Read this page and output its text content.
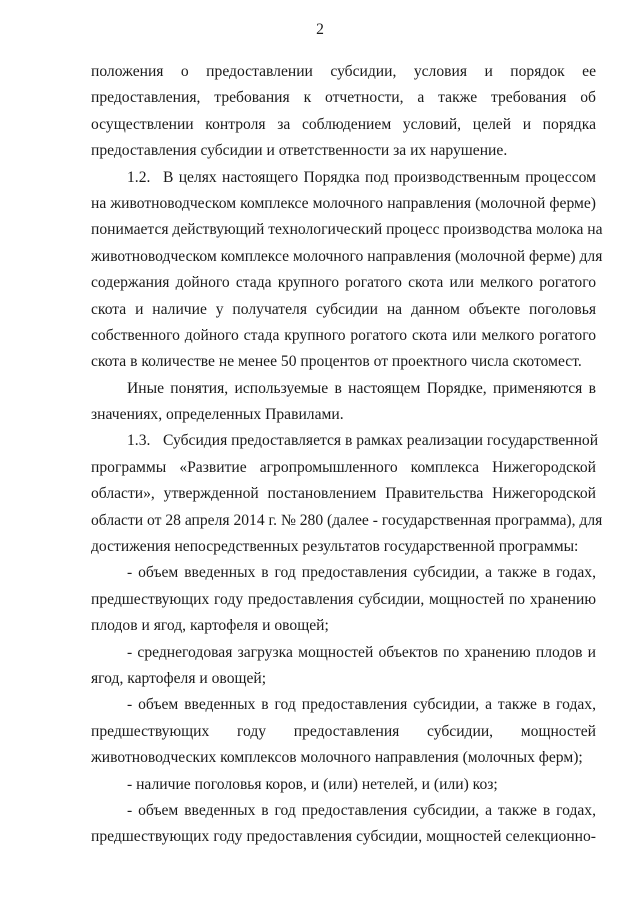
2
положения о предоставлении субсидии, условия и порядок ее
предоставления, требования к отчетности, а также требования об
осуществлении контроля за соблюдением условий, целей и порядка
предоставления субсидии и ответственности за их нарушение.
1.2. В целях настоящего Порядка под производственным процессом
на животноводческом комплексе молочного направления (молочной ферме)
понимается действующий технологический процесс производства молока на
животноводческом комплексе молочного направления (молочной ферме) для
содержания дойного стада крупного рогатого скота или мелкого рогатого
скота и наличие у получателя субсидии на данном объекте поголовья
собственного дойного стада крупного рогатого скота или мелкого рогатого
скота в количестве не менее 50 процентов от проектного числа скотомест.
Иные понятия, используемые в настоящем Порядке, применяются в
значениях, определенных Правилами.
1.3. Субсидия предоставляется в рамках реализации государственной
программы «Развитие агропромышленного комплекса Нижегородской
области», утвержденной постановлением Правительства Нижегородской
области от 28 апреля 2014 г. № 280 (далее - государственная программа), для
достижения непосредственных результатов государственной программы:
- объем введенных в год предоставления субсидии, а также в годах,
предшествующих году предоставления субсидии, мощностей по хранению
плодов и ягод, картофеля и овощей;
- среднегодовая загрузка мощностей объектов по хранению плодов и
ягод, картофеля и овощей;
- объем введенных в год предоставления субсидии, а также в годах,
предшествующих году предоставления субсидии, мощностей
животноводческих комплексов молочного направления (молочных ферм);
- наличие поголовья коров, и (или) нетелей, и (или) коз;
- объем введенных в год предоставления субсидии, а также в годах,
предшествующих году предоставления субсидии, мощностей селекционно-
